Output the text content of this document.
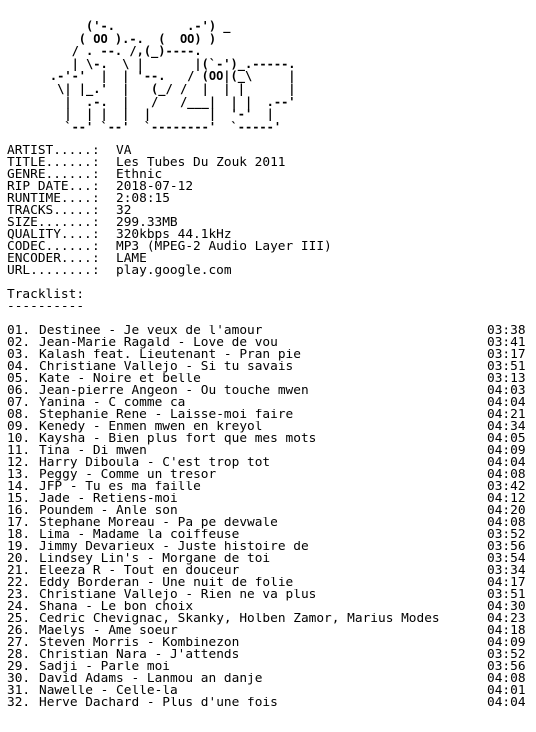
('-.          .-') _
( OO ).-.  (  OO) )
/ . --. /,(_)----.
| \-.  \ |       |(`-')_.-----.
.-'-'  |  | '--.   / (OO|(_\     |
\| |_.'  |   (_/ /  |  | |      |
|  .-.  |   /   /___|  | |  .--'
|  | |  |  |        |  '-'  |
`--' `--'  `--------'  `-----'
ARTIST..... :	VA
TITLE...... :	Les Tubes Du Zouk 2011
GENRE...... :	Ethnic
RIP DATE... :	2018-07-12
RUNTIME.... :	2:08:15
TRACKS..... :	32
SIZE....... :	299.33MB
QUALITY.... :	320kbps 44.1kHz
CODEC...... :	MP3 (MPEG-2 Audio Layer III)
ENCODER.... :	LAME
URL........ :	play.google.com
Tracklist:
----------
01. Destinee - Je veux de l'amour	03:38
02. Jean-Marie Ragald - Love de vou	03:41
03. Kalash feat. Lieutenant - Pran pie	03:17
04. Christiane Vallejo - Si tu savais	03:51
05. Kate - Noire et belle	03:13
06. Jean-pierre Angeon - Ou touche mwen	04:03
07. Yanina - C comme ca	04:04
08. Stephanie Rene - Laisse-moi faire	04:21
09. Kenedy - Enmen mwen en kreyol	04:34
10. Kaysha - Bien plus fort que mes mots	04:05
11. Tina - Di mwen	04:09
12. Harry Diboula - C'est trop tot	04:04
13. Peggy - Comme un tresor	04:08
14. JFP - Tu es ma faille	03:42
15. Jade - Retiens-moi	04:12
16. Poundem - Anle son	04:20
17. Stephane Moreau - Pa pe devwale	04:08
18. Lima - Madame la coiffeuse	03:52
19. Jimmy Devarieux - Juste histoire de	03:56
20. Lindsey Lin's - Morgane de toi	03:54
21. Eleeza R - Tout en douceur	03:34
22. Eddy Borderan - Une nuit de folie	04:17
23. Christiane Vallejo - Rien ne va plus	03:51
24. Shana - Le bon choix	04:30
25. Cedric Chevignac, Skanky, Holben Zamor, Marius Modes	04:23
26. Maelys - Ame soeur	04:18
27. Steven Morris - Kombinezon	04:09
28. Christian Nara - J'attends	03:52
29. Sadji - Parle moi	03:56
30. David Adams - Lanmou an danje	04:08
31. Nawelle - Celle-la	04:01
32. Herve Dachard - Plus d'une fois	04:04
